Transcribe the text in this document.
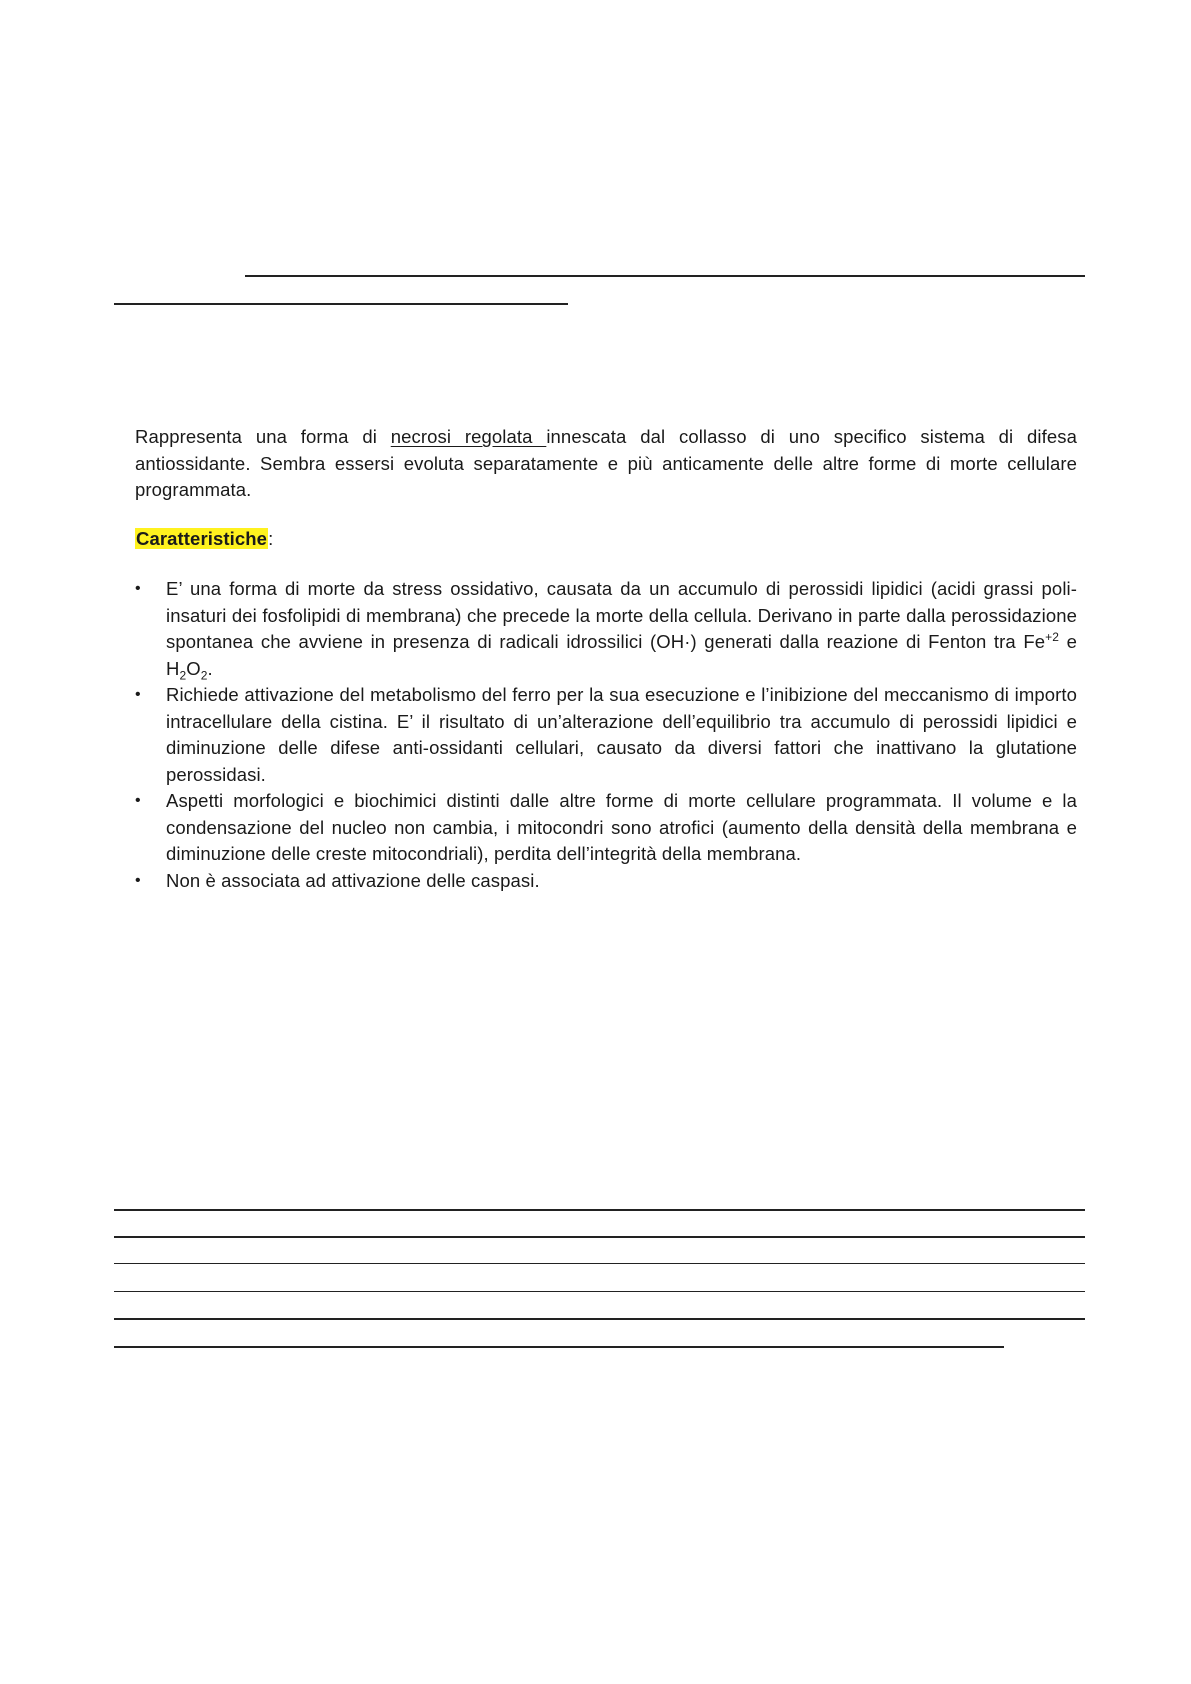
Rappresenta una forma di necrosi regolata innescata dal collasso di uno specifico sistema di difesa antiossidante. Sembra essersi evoluta separatamente e più anticamente delle altre forme di morte cellulare programmata.

Caratteristiche:

• E’ una forma di morte da stress ossidativo, causata da un accumulo di perossidi lipidici (acidi grassi poli-insaturi dei fosfolipidi di membrana) che precede la morte della cellula. Derivano in parte dalla perossidazione spontanea che avviene in presenza di radicali idrossilici (OH·) generati dalla reazione di Fenton tra $Fe^{+2}$ e $H_2O_2$.
• Richiede attivazione del metabolismo del ferro per la sua esecuzione e l’inibizione del meccanismo di importo intracellulare della cistina. E’ il risultato di un’alterazione dell’equilibrio tra accumulo di perossidi lipidici e diminuzione delle difese anti-ossidanti cellulari, causato da diversi fattori che inattivano la glutatione perossidasi.
• Aspetti morfologici e biochimici distinti dalle altre forme di morte cellulare programmata. Il volume e la condensazione del nucleo non cambia, i mitocondri sono atrofici (aumento della densità della membrana e diminuzione delle creste mitocondriali), perdita dell’integrità della membrana.
• Non è associata ad attivazione delle caspasi.
